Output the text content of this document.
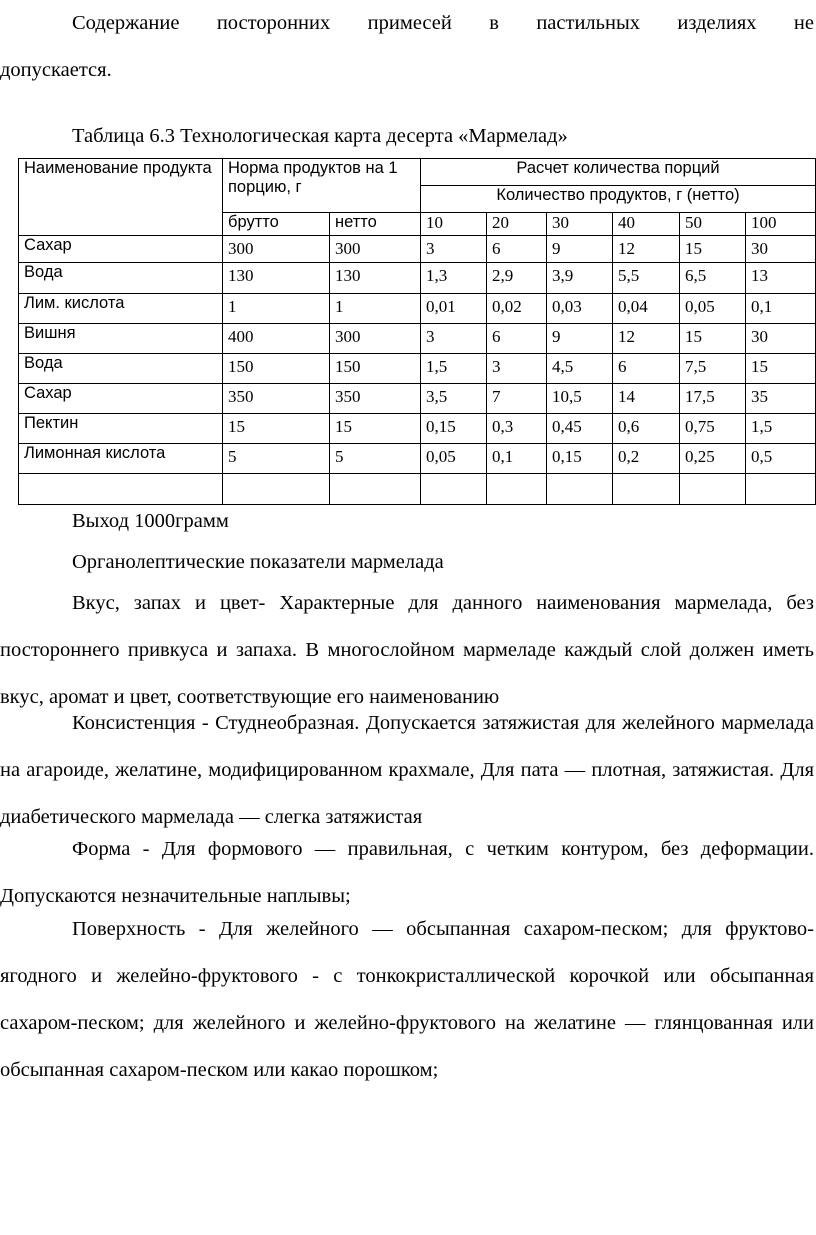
Содержание посторонних примесей в пастильных изделиях не
допускается.
Таблица 6.3 Технологическая карта десерта «Мармелад»
Наименование продукта	Норма продуктов на 1 порцию, г		Расчет количества порций					
			Количество продуктов, г (нетто)					
	брутто	нетто	10	20	30	40	50	100
Сахар	300	300	3	6	9	12	15	30
Вода	130	130	1,3	2,9	3,9	5,5	6,5	13
Лим. кислота	1	1	0,01	0,02	0,03	0,04	0,05	0,1
Вишня	400	300	3	6	9	12	15	30
Вода	150	150	1,5	3	4,5	6	7,5	15
Сахар	350	350	3,5	7	10,5	14	17,5	35
Пектин	15	15	0,15	0,3	0,45	0,6	0,75	1,5
Лимонная кислота	5	5	0,05	0,1	0,15	0,2	0,25	0,5

Выход 1000грамм
Органолептические показатели мармелада

Вкус, запах и цвет- Характерные для данного наименования мармелада, без постороннего привкуса и запаха. В многослойном мармеладе каждый слой должен иметь вкус, аромат и цвет, соответствующие его наименованию

Консистенция - Студнеобразная. Допускается затяжистая для желейного мармелада на агароиде, желатине, модифицированном крахмале, Для пата — плотная, затяжистая. Для диабетического мармелада — слегка затяжистая

Форма - Для формового — правильная, с четким контуром, без деформации. Допускаются незначительные наплывы;

Поверхность - Для желейного — обсыпанная сахаром-песком; для фруктово-ягодного и желейно-фруктового - с тонкокристаллической корочкой или обсыпанная сахаром-песком; для желейного и желейно-фруктового на желатине — глянцованная или обсыпанная сахаром-песком или какао порошком;
